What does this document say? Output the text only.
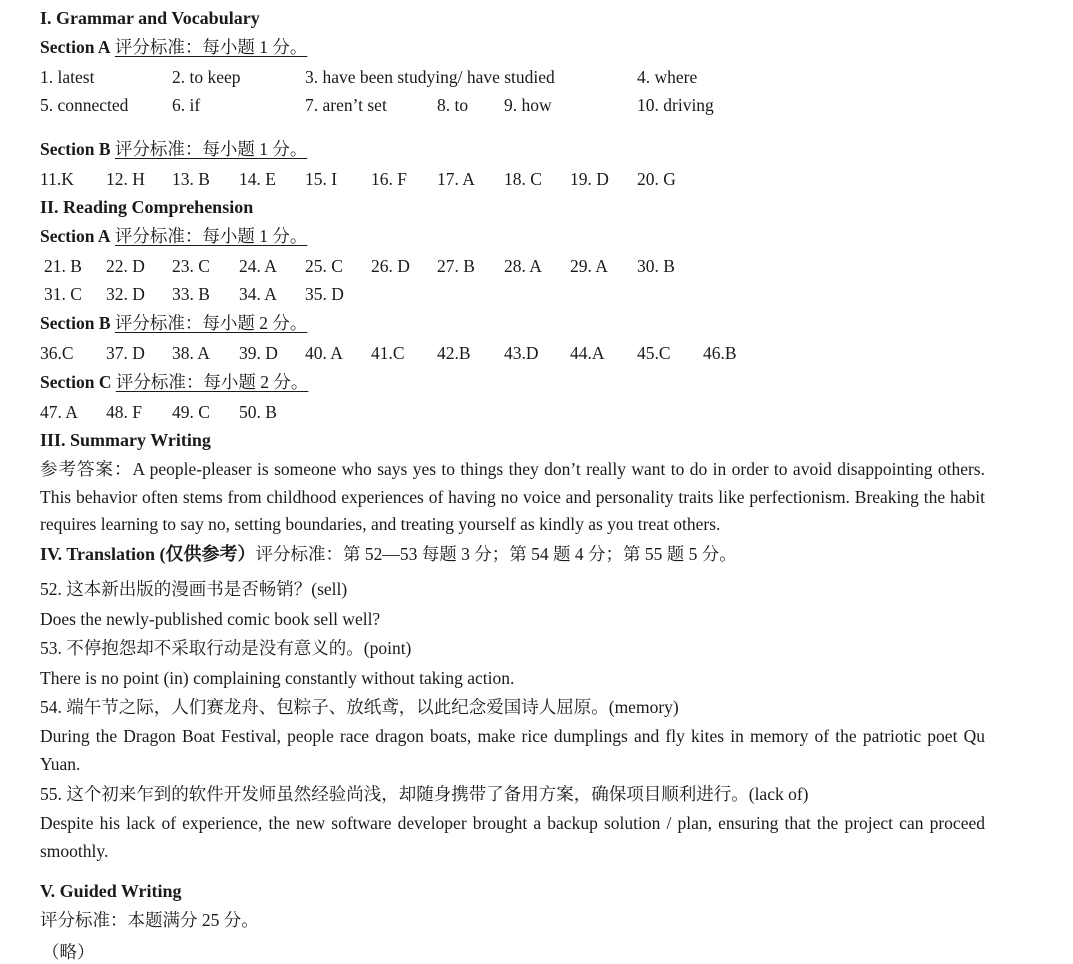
I. Grammar and Vocabulary
Section A 评分标准：每小题 1 分。
1. latest	2. to keep	3. have been studying/ have studied	4. where
5. connected 6. if	7. aren’t set	8. to 9. how	10. driving
Section B 评分标准：每小题 1 分。
11.K 12. H 13. B 14. E 15. I 16. F 17. A 18. C 19. D 20. G
II. Reading Comprehension
Section A 评分标准：每小题 1 分。
21. B 22. D 23. C 24. A 25. C 26. D 27. B 28. A 29. A 30. B
31. C 32. D 33. B 34. A 35. D
Section B 评分标准：每小题 2 分。
36.C 37. D 38. A 39. D 40. A 41.C 42.B 43.D 44.A 45.C 46.B
Section C 评分标准：每小题 2 分。
47. A 48. F 49. C 50. B
III. Summary Writing
参考答案：A people-pleaser is someone who says yes to things they don’t really want to do in order to avoid disappointing others. This behavior often stems from childhood experiences of having no voice and personality traits like perfectionism. Breaking the habit requires learning to say no, setting boundaries, and treating yourself as kindly as you treat others.
IV. Translation (仅供参考）评分标准：第 52—53 每题 3 分；第 54 题 4 分；第 55 题 5 分。
52. 这本新出版的漫画书是否畅销？(sell)
Does the newly-published comic book sell well?
53. 不停抱怨却不采取行动是没有意义的。(point)
There is no point (in) complaining constantly without taking action.
54. 端午节之际，人们赛龙舟、包粽子、放纸鸢，以此纪念爱国诗人屈原。(memory)
During the Dragon Boat Festival, people race dragon boats, make rice dumplings and fly kites in memory of the patriotic poet Qu Yuan.
55. 这个初来乍到的软件开发师虽然经验尚浅，却随身携带了备用方案，确保项目顺利进行。(lack of)
Despite his lack of experience, the new software developer brought a backup solution / plan, ensuring that the project can proceed smoothly.
V. Guided Writing
评分标准：本题满分 25 分。
（略）
